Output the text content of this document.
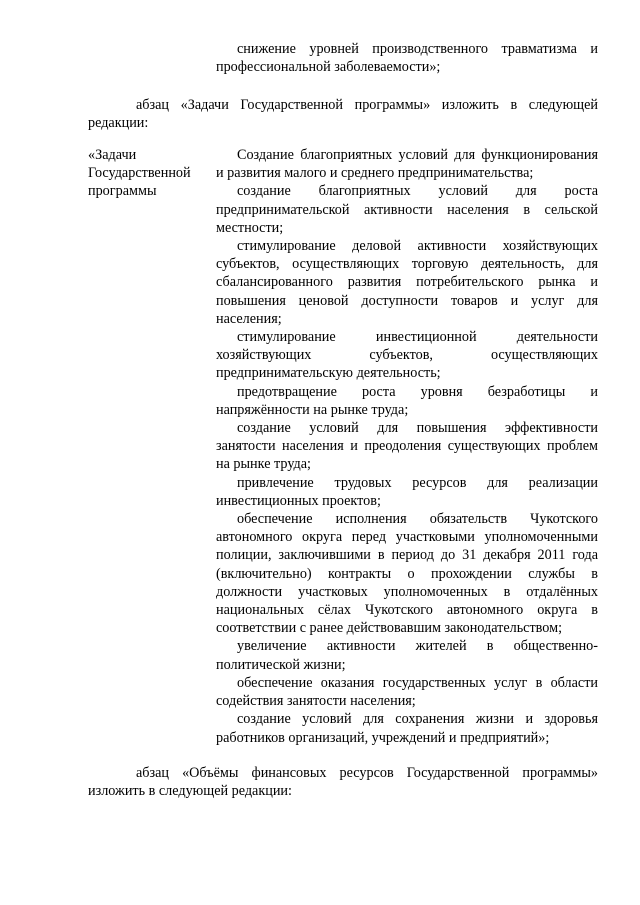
снижение уровней производственного травматизма и профессиональной заболеваемости»;

абзац «Задачи Государственной программы» изложить в следующей редакции:

«Задачи Государственной программы

Создание благоприятных условий для функционирования и развития малого и среднего предпринимательства;

создание благоприятных условий для роста предпринимательской активности населения в сельской местности;

стимулирование деловой активности хозяйствующих субъектов, осуществляющих торговую деятельность, для сбалансированного развития потребительского рынка и повышения ценовой доступности товаров и услуг для населения;

стимулирование инвестиционной деятельности хозяйствующих субъектов, осуществляющих предпринимательскую деятельность;

предотвращение роста уровня безработицы и напряжённости на рынке труда;

создание условий для повышения эффективности занятости населения и преодоления существующих проблем на рынке труда;

привлечение трудовых ресурсов для реализации инвестиционных проектов;

обеспечение исполнения обязательств Чукотского автономного округа перед участковыми уполномоченными полиции, заключившими в период до 31 декабря 2011 года (включительно) контракты о прохождении службы в должности участковых уполномоченных в отдалённых национальных сёлах Чукотского автономного округа в соответствии с ранее действовавшим законодательством;

увеличение активности жителей в общественно-политической жизни;

обеспечение оказания государственных услуг в области содействия занятости населения;

создание условий для сохранения жизни и здоровья работников организаций, учреждений и предприятий»;

абзац «Объёмы финансовых ресурсов Государственной программы» изложить в следующей редакции:
